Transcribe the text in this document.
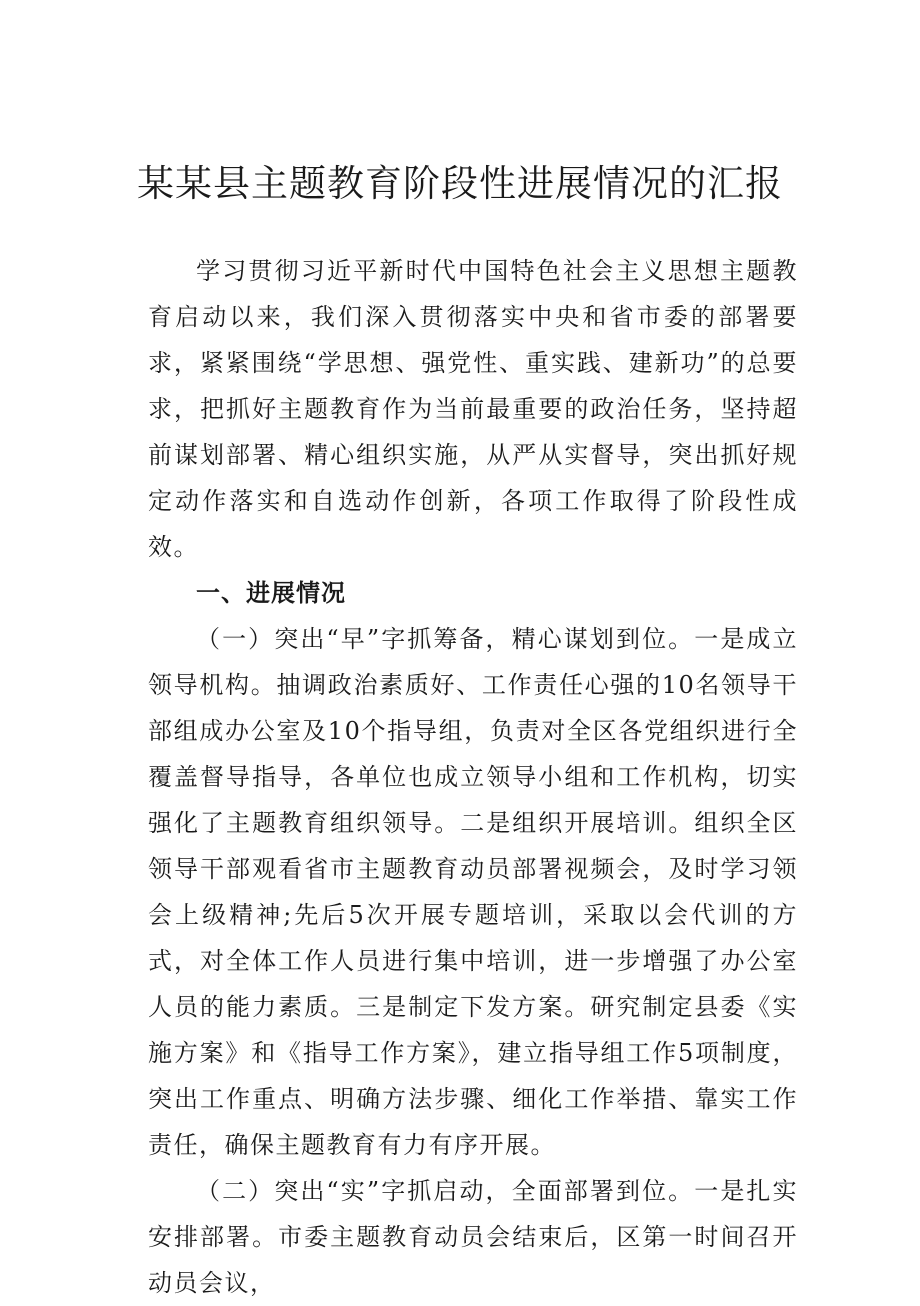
某某县主题教育阶段性进展情况的汇报

学习贯彻习近平新时代中国特色社会主义思想主题教育启动以来，我们深入贯彻落实中央和省市委的部署要求，紧紧围绕“学思想、强党性、重实践、建新功”的总要求，把抓好主题教育作为当前最重要的政治任务，坚持超前谋划部署、精心组织实施，从严从实督导，突出抓好规定动作落实和自选动作创新，各项工作取得了阶段性成效。

一、进展情况

（一）突出“早”字抓筹备，精心谋划到位。一是成立领导机构。抽调政治素质好、工作责任心强的10名领导干部组成办公室及10个指导组，负责对全区各党组织进行全覆盖督导指导，各单位也成立领导小组和工作机构，切实强化了主题教育组织领导。二是组织开展培训。组织全区领导干部观看省市主题教育动员部署视频会，及时学习领会上级精神;先后5次开展专题培训，采取以会代训的方式，对全体工作人员进行集中培训，进一步增强了办公室人员的能力素质。三是制定下发方案。研究制定县委《实施方案》和《指导工作方案》，建立指导组工作5项制度，突出工作重点、明确方法步骤、细化工作举措、靠实工作责任，确保主题教育有力有序开展。

（二）突出“实”字抓启动，全面部署到位。一是扎实安排部署。市委主题教育动员会结束后，区第一时间召开动员会议，
